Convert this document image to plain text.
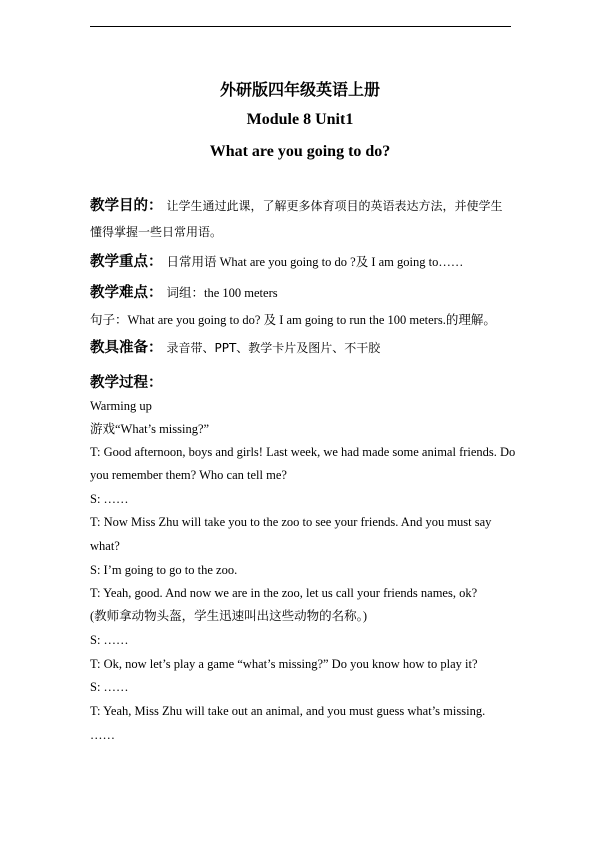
外研版四年级英语上册
Module 8 Unit1
What are you going to do?
教学目的： 让学生通过此课，了解更多体育项目的英语表达方法，并使学生
懂得掌握一些日常用语。
教学重点： 日常用语 What are you going to do ?及 I am going to……
教学难点： 词组：the 100 meters
句子：What are you going to do? 及 I am going to run the 100 meters.的理解。
教具准备： 录音带、PPT、教学卡片及图片、不干胶
教学过程：
Warming up
游戏“What’s missing?”
T: Good afternoon, boys and girls! Last week, we had made some animal friends. Do
you remember them? Who can tell me?
S: ……
T: Now Miss Zhu will take you to the zoo to see your friends. And you must say
what?
S: I’m going to go to the zoo.
T: Yeah, good. And now we are in the zoo, let us call your friends names, ok?
(教师拿动物头盔，学生迅速叫出这些动物的名称。)
S: ……
T: Ok, now let’s play a game “what’s missing?” Do you know how to play it?
S: ……
T: Yeah, Miss Zhu will take out an animal, and you must guess what’s missing.
……
